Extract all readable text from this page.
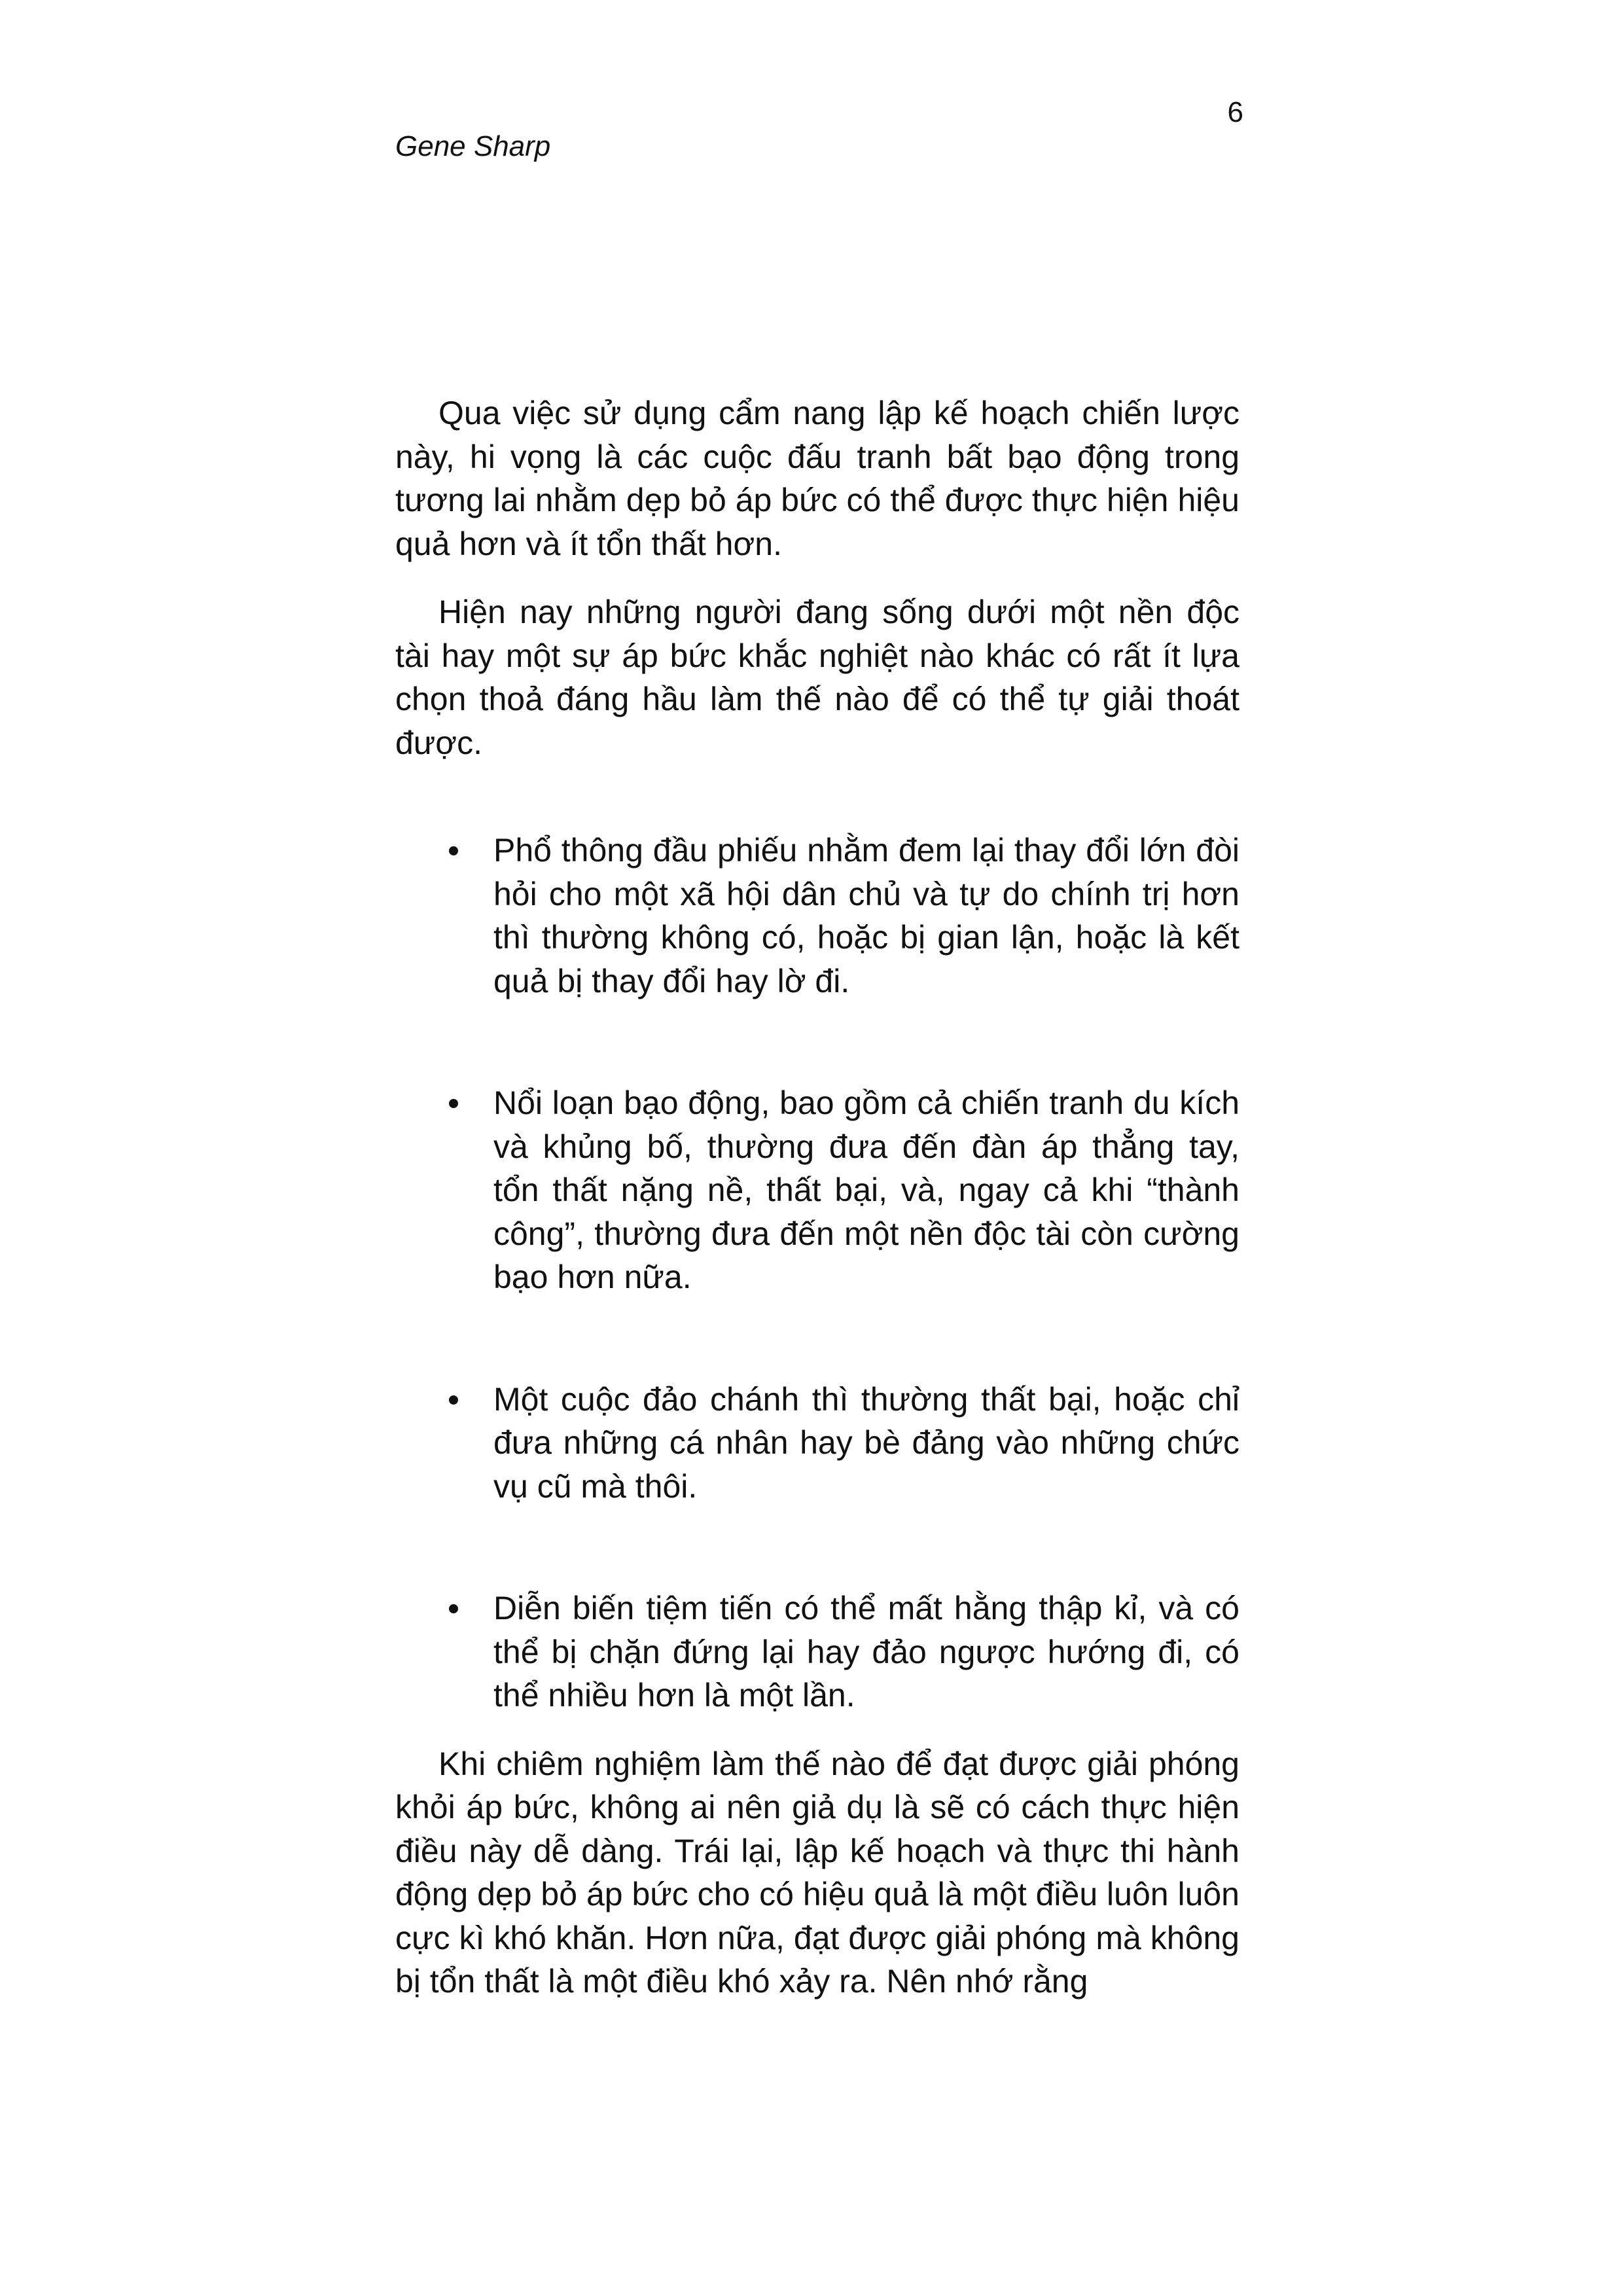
6
Gene Sharp

Qua việc sử dụng cẩm nang lập kế hoạch chiến lược này, hi vọng là các cuộc đấu tranh bất bạo động trong tương lai nhằm dẹp bỏ áp bức có thể được thực hiện hiệu quả hơn và ít tổn thất hơn.

Hiện nay những người đang sống dưới một nền độc tài hay một sự áp bức khắc nghiệt nào khác có rất ít lựa chọn thoả đáng hầu làm thế nào để có thể tự giải thoát được.

Phổ thông đầu phiếu nhằm đem lại thay đổi lớn đòi hỏi cho một xã hội dân chủ và tự do chính trị hơn thì thường không có, hoặc bị gian lận, hoặc là kết quả bị thay đổi hay lờ đi.
Nổi loạn bạo động, bao gồm cả chiến tranh du kích và khủng bố, thường đưa đến đàn áp thẳng tay, tổn thất nặng nề, thất bại, và, ngay cả khi “thành công”, thường đưa đến một nền độc tài còn cường bạo hơn nữa.
Một cuộc đảo chánh thì thường thất bại, hoặc chỉ đưa những cá nhân hay bè đảng vào những chức vụ cũ mà thôi.
Diễn biến tiệm tiến có thể mất hằng thập kỉ, và có thể bị chặn đứng lại hay đảo ngược hướng đi, có thể nhiều hơn là một lần.

Khi chiêm nghiệm làm thế nào để đạt được giải phóng khỏi áp bức, không ai nên giả dụ là sẽ có cách thực hiện điều này dễ dàng. Trái lại, lập kế hoạch và thực thi hành động dẹp bỏ áp bức cho có hiệu quả là một điều luôn luôn cực kì khó khăn. Hơn nữa, đạt được giải phóng mà không bị tổn thất là một điều khó xảy ra. Nên nhớ rằng
